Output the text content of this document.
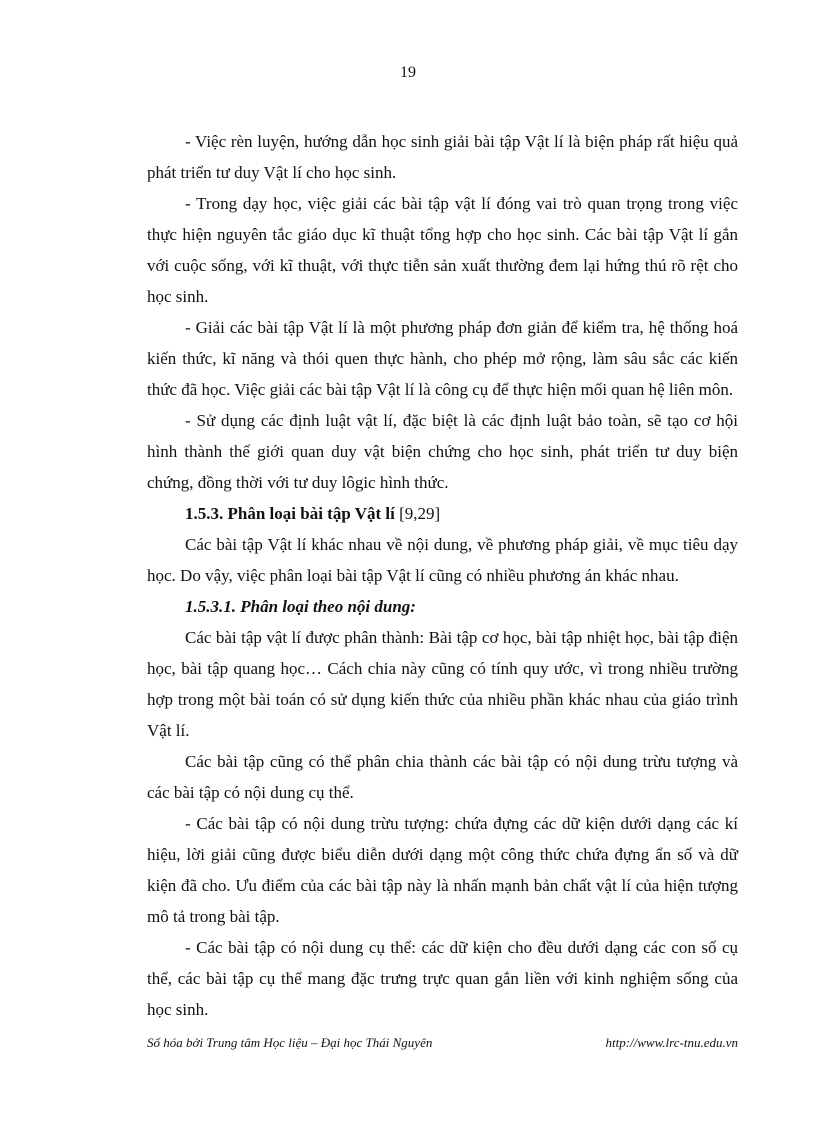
19

- Việc rèn luyện, hướng dẫn học sinh giải bài tập Vật lí là biện pháp rất hiệu quả phát triển tư duy Vật lí cho học sinh.

- Trong dạy học, việc giải các bài tập vật lí đóng vai trò quan trọng trong việc thực hiện nguyên tắc giáo dục kĩ thuật tổng hợp cho học sinh. Các bài tập Vật lí gắn với cuộc sống, với kĩ thuật, với thực tiễn sản xuất thường đem lại hứng thú rõ rệt cho học sinh.

- Giải các bài tập Vật lí là một phương pháp đơn giản để kiểm tra, hệ thống hoá kiến thức, kĩ năng và thói quen thực hành, cho phép mở rộng, làm sâu sắc các kiến thức đã học. Việc giải các bài tập Vật lí là công cụ để thực hiện mối quan hệ liên môn.

- Sử dụng các định luật vật lí, đặc biệt là các định luật bảo toàn, sẽ tạo cơ hội hình thành thế giới quan duy vật biện chứng cho học sinh, phát triển tư duy biện chứng, đồng thời với tư duy lôgic hình thức.

1.5.3. Phân loại bài tập Vật lí [9,29]

Các bài tập Vật lí khác nhau về nội dung, về phương pháp giải, về mục tiêu dạy học. Do vậy, việc phân loại bài tập Vật lí cũng có nhiều phương án khác nhau.

1.5.3.1. Phân loại theo nội dung:

Các bài tập vật lí được phân thành: Bài tập cơ học, bài tập nhiệt học, bài tập điện học, bài tập quang học… Cách chia này cũng có tính quy ước, vì trong nhiều trường hợp trong một bài toán có sử dụng kiến thức của nhiều phần khác nhau của giáo trình Vật lí.

Các bài tập cũng có thể phân chia thành các bài tập có nội dung trừu tượng và các bài tập có nội dung cụ thể.

- Các bài tập có nội dung trừu tượng: chứa đựng các dữ kiện dưới dạng các kí hiệu, lời giải cũng được biểu diễn dưới dạng một công thức chứa đựng ẩn số và dữ kiện đã cho. Ưu điểm của các bài tập này là nhấn mạnh bản chất vật lí của hiện tượng mô tả trong bài tập.

- Các bài tập có nội dung cụ thể: các dữ kiện cho đều dưới dạng các con số cụ thể, các bài tập cụ thể mang đặc trưng trực quan gắn liền với kinh nghiệm sống của học sinh.

Số hóa bởi Trung tâm Học liệu – Đại học Thái Nguyên	http://www.lrc-tnu.edu.vn
